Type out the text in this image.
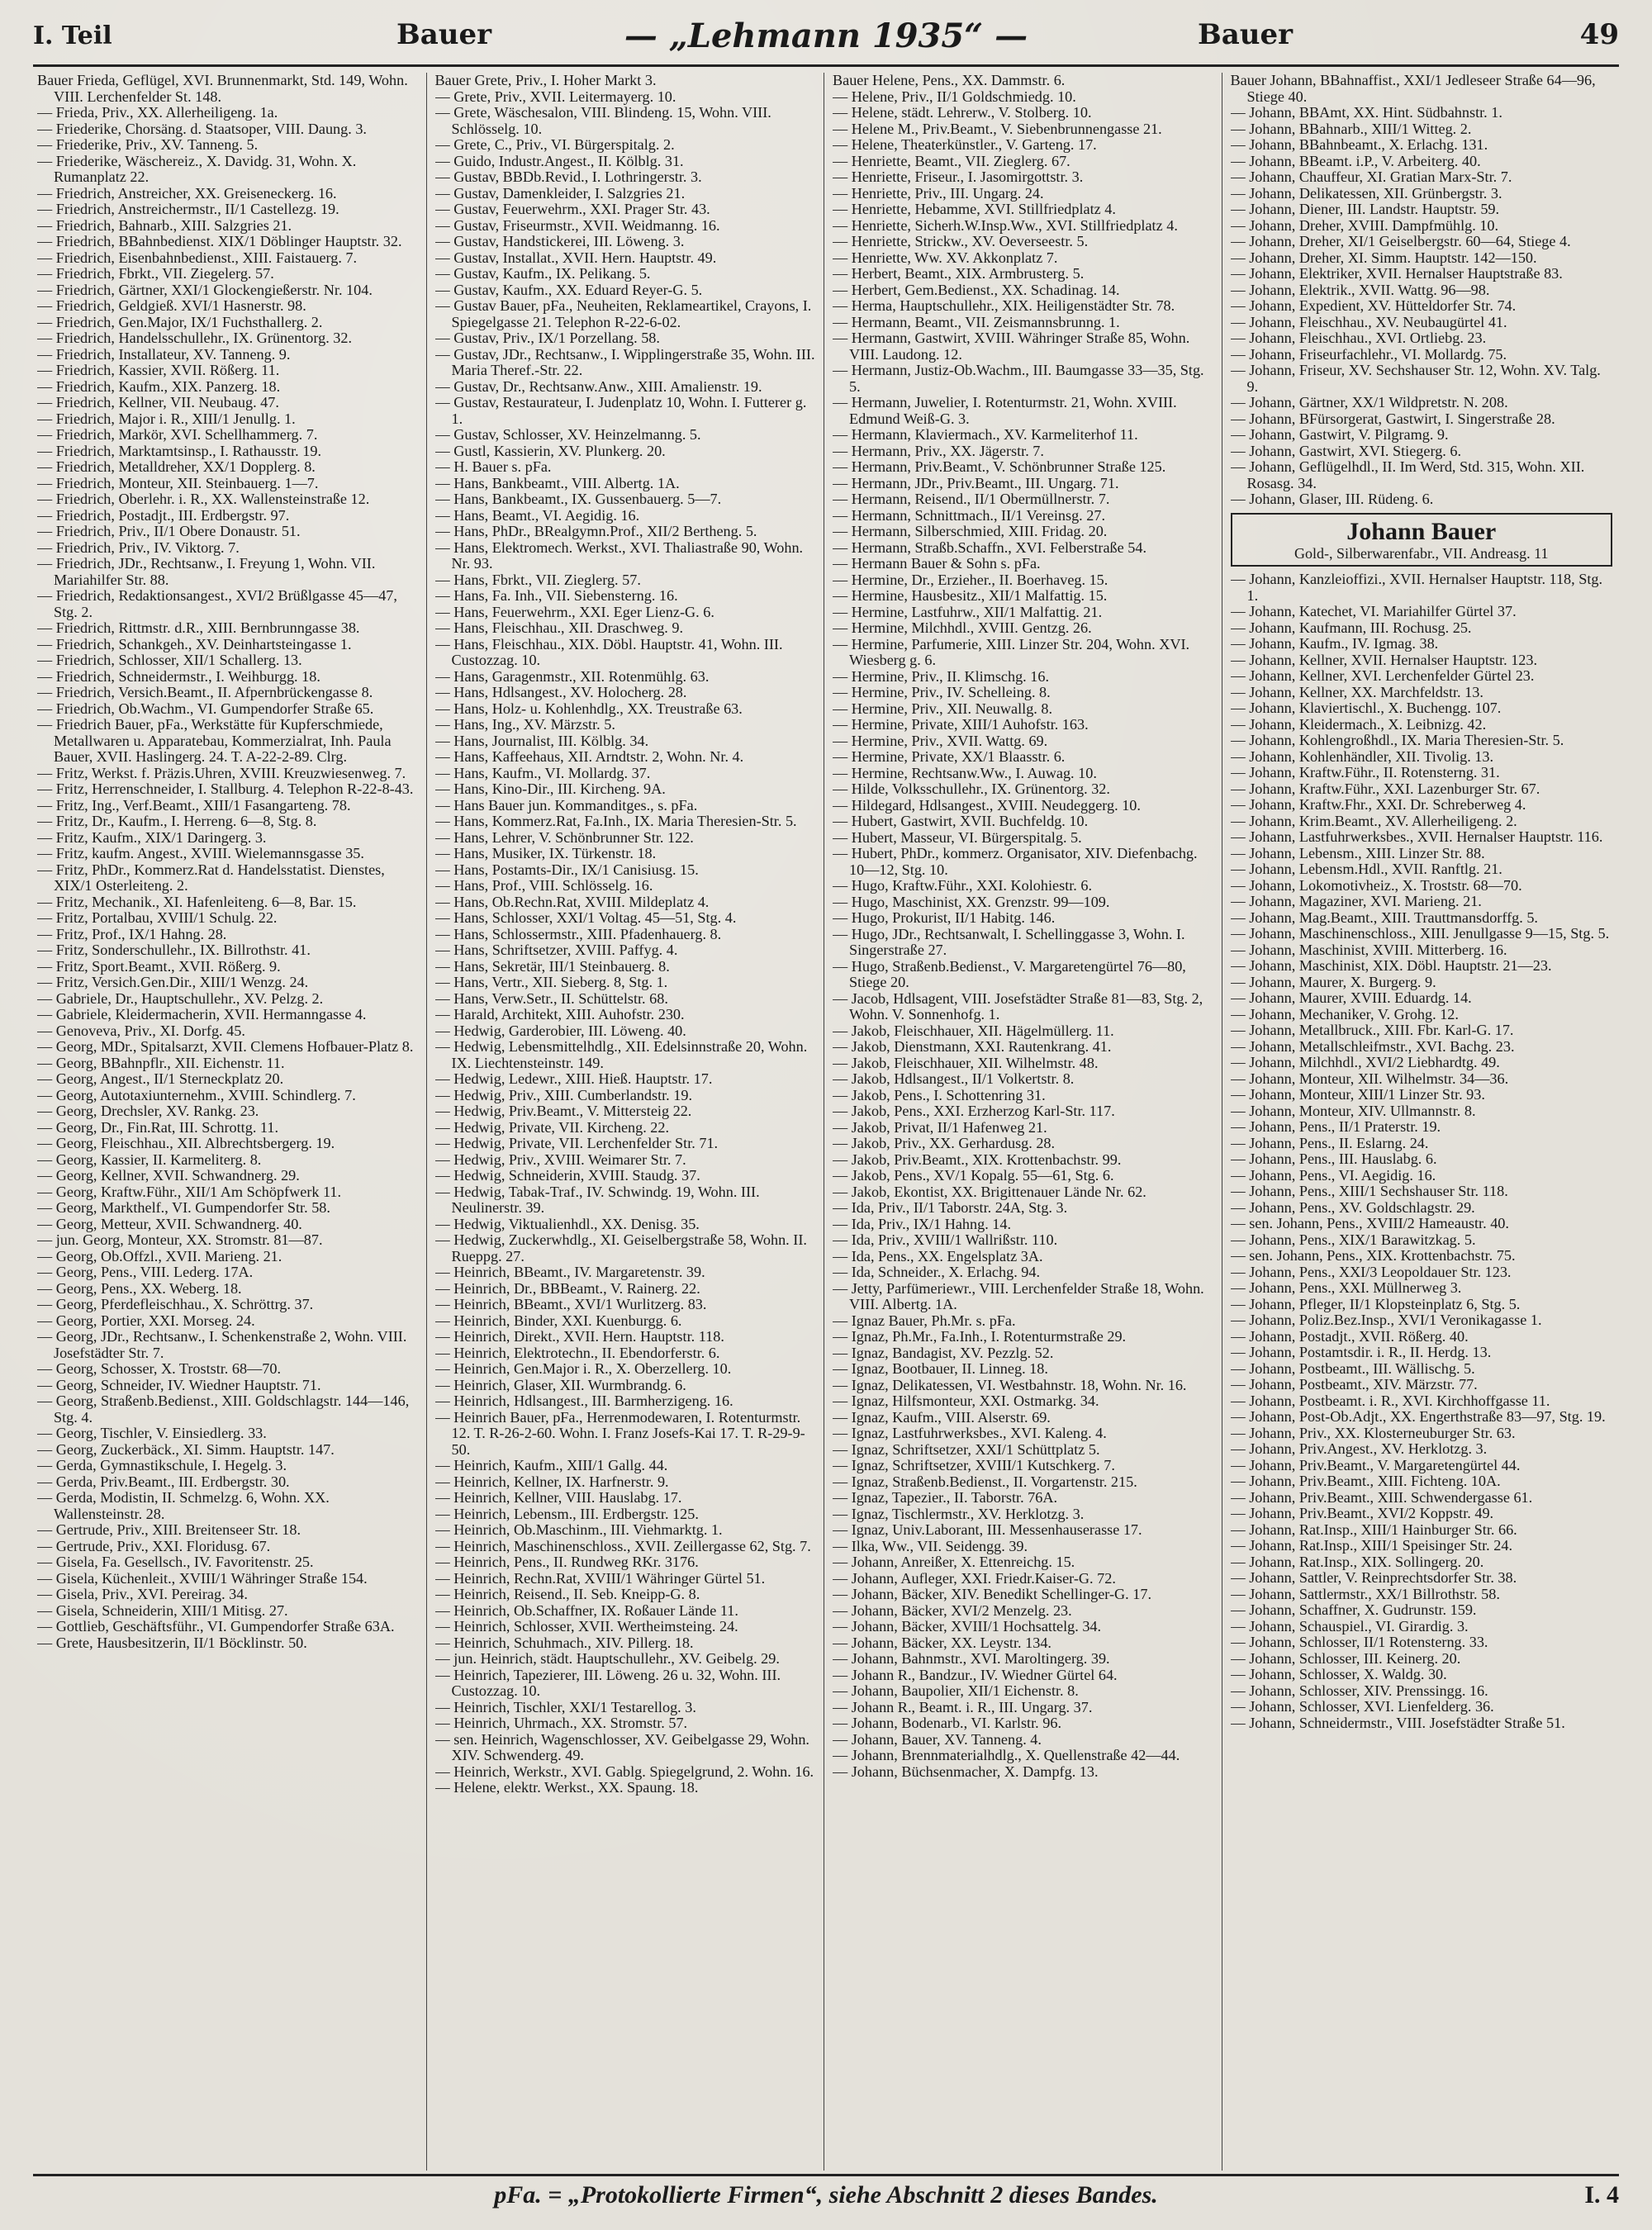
I. Teil	Bauer	— „Lehmann 1935“ —	Bauer	49
Bauer Frieda, Geflügel, XVI. Brunnenmarkt, Std. 149, Wohn. VIII. Lerchenfelder St. 148.
— Frieda, Priv., XX. Allerheiligeng. 1a.
— Friederike, Chorsäng. d. Staatsoper, VIII. Daung. 3.
— Friederike, Priv., XV. Tanneng. 5.
— Friederike, Wäschereiz., X. Davidg. 31, Wohn. X. Rumanplatz 22.
— Friedrich, Anstreicher, XX. Greiseneckerg. 16.
— Friedrich, Anstreichermstr., II/1 Castellezg. 19.
— Friedrich, Bahnarb., XIII. Salzgries 21.
— Friedrich, BBahnbedienst. XIX/1 Döblinger Hauptstr. 32.
— Friedrich, Eisenbahnbedienst., XIII. Faistauerg. 7.
— Friedrich, Fbrkt., VII. Ziegelerg. 57.
— Friedrich, Gärtner, XXI/1 Glockengießerstr. Nr. 104.
— Friedrich, Geldgieß. XVI/1 Hasnerstr. 98.
— Friedrich, Gen.Major, IX/1 Fuchsthallerg. 2.
— Friedrich, Handelsschullehr., IX. Grünentorg. 32.
— Friedrich, Installateur, XV. Tanneng. 9.
— Friedrich, Kassier, XVII. Rößerg. 11.
— Friedrich, Kaufm., XIX. Panzerg. 18.
— Friedrich, Kellner, VII. Neubaug. 47.
— Friedrich, Major i. R., XIII/1 Jenullg. 1.
— Friedrich, Markör, XVI. Schellhammerg. 7.
— Friedrich, Marktamtsinsp., I. Rathausstr. 19.
— Friedrich, Metalldreher, XX/1 Dopplerg. 8.
— Friedrich, Monteur, XII. Steinbauerg. 1—7.
— Friedrich, Oberlehr. i. R., XX. Wallensteinstraße 12.
— Friedrich, Postadjt., III. Erdbergstr. 97.
— Friedrich, Priv., II/1 Obere Donaustr. 51.
— Friedrich, Priv., IV. Viktorg. 7.
— Friedrich, JDr., Rechtsanw., I. Freyung 1, Wohn. VII. Mariahilfer Str. 88.
— Friedrich, Redaktionsangest., XVI/2 Brüßlgasse 45—47, Stg. 2.
— Friedrich, Rittmstr. d.R., XIII. Bernbrunngasse 38.
— Friedrich, Schankgeh., XV. Deinhartsteingasse 1.
— Friedrich, Schlosser, XII/1 Schallerg. 13.
— Friedrich, Schneidermstr., I. Weihburgg. 18.
— Friedrich, Versich.Beamt., II. Afpernbrückengasse 8.
— Friedrich, Ob.Wachm., VI. Gumpendorfer Straße 65.
— Friedrich Bauer, pFa., Werkstätte für Kupferschmiede, Metallwaren u. Apparatebau, Kommerzialrat, Inh. Paula Bauer, XVII. Haslingerg. 24. T. A-22-2-89. Clrg.
— Fritz, Werkst. f. Präzis.Uhren, XVIII. Kreuzwiesenweg. 7.
— Fritz, Herrenschneider, I. Stallburg. 4. Telephon R-22-8-43.
— Fritz, Ing., Verf.Beamt., XIII/1 Fasangarteng. 78.
— Fritz, Dr., Kaufm., I. Herreng. 6—8, Stg. 8.
— Fritz, Kaufm., XIX/1 Daringerg. 3.
— Fritz, kaufm. Angest., XVIII. Wielemannsgasse 35.
— Fritz, PhDr., Kommerz.Rat d. Handelsstatist. Dienstes, XIX/1 Osterleiteng. 2.
— Fritz, Mechanik., XI. Hafenleiteng. 6—8, Bar. 15.
— Fritz, Portalbau, XVIII/1 Schulg. 22.
— Fritz, Prof., IX/1 Hahng. 28.
— Fritz, Sonderschullehr., IX. Billrothstr. 41.
— Fritz, Sport.Beamt., XVII. Rößerg. 9.
— Fritz, Versich.Gen.Dir., XIII/1 Wenzg. 24.
— Gabriele, Dr., Hauptschullehr., XV. Pelzg. 2.
— Gabriele, Kleidermacherin, XVII. Hermanngasse 4.
— Genoveva, Priv., XI. Dorfg. 45.
— Georg, MDr., Spitalsarzt, XVII. Clemens Hofbauer-Platz 8.
— Georg, BBahnpflr., XII. Eichenstr. 11.
— Georg, Angest., II/1 Sterneckplatz 20.
— Georg, Autotaxiunternehm., XVIII. Schindlerg. 7.
— Georg, Drechsler, XV. Rankg. 23.
— Georg, Dr., Fin.Rat, III. Schrottg. 11.
— Georg, Fleischhau., XII. Albrechtsbergerg. 19.
— Georg, Kassier, II. Karmeliterg. 8.
— Georg, Kellner, XVII. Schwandnerg. 29.
— Georg, Kraftw.Führ., XII/1 Am Schöpfwerk 11.
— Georg, Markthelf., VI. Gumpendorfer Str. 58.
— Georg, Metteur, XVII. Schwandnerg. 40.
— jun. Georg, Monteur, XX. Stromstr. 81—87.
— Georg, Ob.Offzl., XVII. Marieng. 21.
— Georg, Pens., VIII. Lederg. 17A.
— Georg, Pens., XX. Weberg. 18.
— Georg, Pferdefleischhau., X. Schröttrg. 37.
— Georg, Portier, XXI. Morseg. 24.
— Georg, JDr., Rechtsanw., I. Schenkenstraße 2, Wohn. VIII. Josefstädter Str. 7.
— Georg, Schosser, X. Troststr. 68—70.
— Georg, Schneider, IV. Wiedner Hauptstr. 71.
— Georg, Straßenb.Bedienst., XIII. Goldschlagstr. 144—146, Stg. 4.
— Georg, Tischler, V. Einsiedlerg. 33.
— Georg, Zuckerbäck., XI. Simm. Hauptstr. 147.
— Gerda, Gymnastikschule, I. Hegelg. 3.
— Gerda, Priv.Beamt., III. Erdbergstr. 30.
— Gerda, Modistin, II. Schmelzg. 6, Wohn. XX. Wallensteinstr. 28.
— Gertrude, Priv., XIII. Breitenseer Str. 18.
— Gertrude, Priv., XXI. Floridusg. 67.
— Gisela, Fa. Gesellsch., IV. Favoritenstr. 25.
— Gisela, Küchenleit., XVIII/1 Währinger Straße 154.
— Gisela, Priv., XVI. Pereirag. 34.
— Gisela, Schneiderin, XIII/1 Mitisg. 27.
— Gottlieb, Geschäftsführ., VI. Gumpendorfer Straße 63A.
— Grete, Hausbesitzerin, II/1 Böcklinstr. 50.
Bauer Grete, Priv., I. Hoher Markt 3.
— Grete, Priv., XVII. Leitermayerg. 10.
— Grete, Wäschesalon, VIII. Blindeng. 15, Wohn. VIII. Schlösselg. 10.
— Grete, C., Priv., VI. Bürgerspitalg. 2.
— Guido, Industr.Angest., II. Kölblg. 31.
— Gustav, BBDb.Revid., I. Lothringerstr. 3.
— Gustav, Damenkleider, I. Salzgries 21.
— Gustav, Feuerwehrm., XXI. Prager Str. 43.
— Gustav, Friseurmstr., XVII. Weidmanng. 16.
— Gustav, Handstickerei, III. Löweng. 3.
— Gustav, Installat., XVII. Hern. Hauptstr. 49.
— Gustav, Kaufm., IX. Pelikang. 5.
— Gustav, Kaufm., XX. Eduard Reyer-G. 5.
— Gustav Bauer, pFa., Neuheiten, Reklameartikel, Crayons, I. Spiegelgasse 21. Telephon R-22-6-02.
— Gustav, Priv., IX/1 Porzellang. 58.
— Gustav, JDr., Rechtsanw., I. Wipplingerstraße 35, Wohn. III. Maria Theref.-Str. 22.
— Gustav, Dr., Rechtsanw.Anw., XIII. Amalienstr. 19.
— Gustav, Restaurateur, I. Judenplatz 10, Wohn. I. Futterer g. 1.
— Gustav, Schlosser, XV. Heinzelmanng. 5.
— Gustl, Kassierin, XV. Plunkerg. 20.
— H. Bauer s. pFa.
— Hans, Bankbeamt., VIII. Albertg. 1A.
— Hans, Bankbeamt., IX. Gussenbauerg. 5—7.
— Hans, Beamt., VI. Aegidig. 16.
— Hans, PhDr., BRealgymn.Prof., XII/2 Bertheng. 5.
— Hans, Elektromech. Werkst., XVI. Thaliastraße 90, Wohn. Nr. 93.
— Hans, Fbrkt., VII. Zieglerg. 57.
— Hans, Fa. Inh., VII. Siebensterng. 16.
— Hans, Feuerwehrm., XXI. Eger Lienz-G. 6.
— Hans, Fleischhau., XII. Draschweg. 9.
— Hans, Fleischhau., XIX. Döbl. Hauptstr. 41, Wohn. III. Custozzag. 10.
— Hans, Garagenmstr., XII. Rotenmühlg. 63.
— Hans, Hdlsangest., XV. Holocherg. 28.
— Hans, Holz- u. Kohlenhdlg., XX. Treustraße 63.
— Hans, Ing., XV. Märzstr. 5.
— Hans, Journalist, III. Kölblg. 34.
— Hans, Kaffeehaus, XII. Arndtstr. 2, Wohn. Nr. 4.
— Hans, Kaufm., VI. Mollardg. 37.
— Hans, Kino-Dir., III. Kircheng. 9A.
— Hans Bauer jun. Kommanditges., s. pFa.
— Hans, Kommerz.Rat, Fa.Inh., IX. Maria Theresien-Str. 5.
— Hans, Lehrer, V. Schönbrunner Str. 122.
— Hans, Musiker, IX. Türkenstr. 18.
— Hans, Postamts-Dir., IX/1 Canisiusg. 15.
— Hans, Prof., VIII. Schlösselg. 16.
— Hans, Ob.Rechn.Rat, XVIII. Mildeplatz 4.
— Hans, Schlosser, XXI/1 Voltag. 45—51, Stg. 4.
— Hans, Schlossermstr., XIII. Pfadenhauerg. 8.
— Hans, Schriftsetzer, XVIII. Paffyg. 4.
— Hans, Sekretär, III/1 Steinbauerg. 8.
— Hans, Vertr., XII. Sieberg. 8, Stg. 1.
— Hans, Verw.Setr., II. Schüttelstr. 68.
— Harald, Architekt, XIII. Auhofstr. 230.
— Hedwig, Garderobier, III. Löweng. 40.
— Hedwig, Lebensmittelhdlg., XII. Edelsinnstraße 20, Wohn. IX. Liechtensteinstr. 149.
— Hedwig, Ledewr., XIII. Hieß. Hauptstr. 17.
— Hedwig, Priv., XIII. Cumberlandstr. 19.
— Hedwig, Priv.Beamt., V. Mittersteig 22.
— Hedwig, Private, VII. Kircheng. 22.
— Hedwig, Private, VII. Lerchenfelder Str. 71.
— Hedwig, Priv., XVIII. Weimarer Str. 7.
— Hedwig, Schneiderin, XVIII. Staudg. 37.
— Hedwig, Tabak-Traf., IV. Schwindg. 19, Wohn. III. Neulinerstr. 39.
— Hedwig, Viktualienhdl., XX. Denisg. 35.
— Hedwig, Zuckerwhdlg., XI. Geiselbergstraße 58, Wohn. II. Rueppg. 27.
— Heinrich, BBeamt., IV. Margaretenstr. 39.
— Heinrich, Dr., BBBeamt., V. Rainerg. 22.
— Heinrich, BBeamt., XVI/1 Wurlitzerg. 83.
— Heinrich, Binder, XXI. Kuenburgg. 6.
— Heinrich, Direkt., XVII. Hern. Hauptstr. 118.
— Heinrich, Elektrotechn., II. Ebendorferstr. 6.
— Heinrich, Gen.Major i. R., X. Oberzellerg. 10.
— Heinrich, Glaser, XII. Wurmbrandg. 6.
— Heinrich, Hdlsangest., III. Barmherzigeng. 16.
— Heinrich Bauer, pFa., Herrenmodewaren, I. Rotenturmstr. 12. T. R-26-2-60. Wohn. I. Franz Josefs-Kai 17. T. R-29-9-50.
— Heinrich, Kaufm., XIII/1 Gallg. 44.
— Heinrich, Kellner, IX. Harfnerstr. 9.
— Heinrich, Kellner, VIII. Hauslabg. 17.
— Heinrich, Lebensm., III. Erdbergstr. 125.
— Heinrich, Ob.Maschinm., III. Viehmarktg. 1.
— Heinrich, Maschinenschloss., XVII. Zeillergasse 62, Stg. 7.
— Heinrich, Pens., II. Rundweg RKr. 3176.
— Heinrich, Rechn.Rat, XVIII/1 Währinger Gürtel 51.
— Heinrich, Reisend., II. Seb. Kneipp-G. 8.
— Heinrich, Ob.Schaffner, IX. Roßauer Lände 11.
— Heinrich, Schlosser, XVII. Wertheimsteing. 24.
— Heinrich, Schuhmach., XIV. Pillerg. 18.
— jun. Heinrich, städt. Hauptschullehr., XV. Geibelg. 29.
— Heinrich, Tapezierer, III. Löweng. 26 u. 32, Wohn. III. Custozzag. 10.
— Heinrich, Tischler, XXI/1 Testarellog. 3.
— Heinrich, Uhrmach., XX. Stromstr. 57.
— sen. Heinrich, Wagenschlosser, XV. Geibelgasse 29, Wohn. XIV. Schwenderg. 49.
— Heinrich, Werkstr., XVI. Gablg. Spiegelgrund, 2. Wohn. 16.
— Helene, elektr. Werkst., XX. Spaung. 18.
Bauer Helene, Pens., XX. Dammstr. 6.
— Helene, Priv., II/1 Goldschmiedg. 10.
— Helene, städt. Lehrerw., V. Stolberg. 10.
— Helene M., Priv.Beamt., V. Siebenbrunnengasse 21.
— Helene, Theaterkünstler., V. Garteng. 17.
— Henriette, Beamt., VII. Zieglerg. 67.
— Henriette, Friseur., I. Jasomirgottstr. 3.
— Henriette, Priv., III. Ungarg. 24.
— Henriette, Hebamme, XVI. Stillfriedplatz 4.
— Henriette, Sicherh.W.Insp.Ww., XVI. Stillfriedplatz 4.
— Henriette, Strickw., XV. Oeverseestr. 5.
— Henriette, Ww. XV. Akkonplatz 7.
— Herbert, Beamt., XIX. Armbrusterg. 5.
— Herbert, Gem.Bedienst., XX. Schadinag. 14.
— Herma, Hauptschullehr., XIX. Heiligenstädter Str. 78.
— Hermann, Beamt., VII. Zeismannsbrunng. 1.
— Hermann, Gastwirt, XVIII. Währinger Straße 85, Wohn. VIII. Laudong. 12.
— Hermann, Justiz-Ob.Wachm., III. Baumgasse 33—35, Stg. 5.
— Hermann, Juwelier, I. Rotenturmstr. 21, Wohn. XVIII. Edmund Weiß-G. 3.
— Hermann, Klaviermach., XV. Karmeliterhof 11.
— Hermann, Priv., XX. Jägerstr. 7.
— Hermann, Priv.Beamt., V. Schönbrunner Straße 125.
— Hermann, JDr., Priv.Beamt., III. Ungarg. 71.
— Hermann, Reisend., II/1 Obermüllnerstr. 7.
— Hermann, Schnittmach., II/1 Vereinsg. 27.
— Hermann, Silberschmied, XIII. Fridag. 20.
— Hermann, Straßb.Schaffn., XVI. Felberstraße 54.
— Hermann Bauer & Sohn s. pFa.
— Hermine, Dr., Erzieher., II. Boerhaveg. 15.
— Hermine, Hausbesitz., XII/1 Malfattig. 15.
— Hermine, Lastfuhrw., XII/1 Malfattig. 21.
— Hermine, Milchhdl., XVIII. Gentzg. 26.
— Hermine, Parfumerie, XIII. Linzer Str. 204, Wohn. XVI. Wiesberg g. 6.
— Hermine, Priv., II. Klimschg. 16.
— Hermine, Priv., IV. Schelleing. 8.
— Hermine, Priv., XII. Neuwallg. 8.
— Hermine, Private, XIII/1 Auhofstr. 163.
— Hermine, Priv., XVII. Wattg. 69.
— Hermine, Private, XX/1 Blaasstr. 6.
— Hermine, Rechtsanw.Ww., I. Auwag. 10.
— Hilde, Volksschullehr., IX. Grünentorg. 32.
— Hildegard, Hdlsangest., XVIII. Neudeggerg. 10.
— Hubert, Gastwirt, XVII. Buchfeldg. 10.
— Hubert, Masseur, VI. Bürgerspitalg. 5.
— Hubert, PhDr., kommerz. Organisator, XIV. Diefenbachg. 10—12, Stg. 10.
— Hugo, Kraftw.Führ., XXI. Kolohiestr. 6.
— Hugo, Maschinist, XX. Grenzstr. 99—109.
— Hugo, Prokurist, II/1 Habitg. 146.
— Hugo, JDr., Rechtsanwalt, I. Schellinggasse 3, Wohn. I. Singerstraße 27.
— Hugo, Straßenb.Bedienst., V. Margaretengürtel 76—80, Stiege 20.
— Jacob, Hdlsagent, VIII. Josefstädter Straße 81—83, Stg. 2, Wohn. V. Sonnenhofg. 1.
— Jakob, Fleischhauer, XII. Hägelmüllerg. 11.
— Jakob, Dienstmann, XXI. Rautenkrang. 41.
— Jakob, Fleischhauer, XII. Wilhelmstr. 48.
— Jakob, Hdlsangest., II/1 Volkertstr. 8.
— Jakob, Pens., I. Schottenring 31.
— Jakob, Pens., XXI. Erzherzog Karl-Str. 117.
— Jakob, Privat, II/1 Hafenweg 21.
— Jakob, Priv., XX. Gerhardusg. 28.
— Jakob, Priv.Beamt., XIX. Krottenbachstr. 99.
— Jakob, Pens., XV/1 Kopalg. 55—61, Stg. 6.
— Jakob, Ekontist, XX. Brigittenauer Lände Nr. 62.
— Ida, Priv., II/1 Taborstr. 24A, Stg. 3.
— Ida, Priv., IX/1 Hahng. 14.
— Ida, Priv., XVIII/1 Wallrißstr. 110.
— Ida, Pens., XX. Engelsplatz 3A.
— Ida, Schneider., X. Erlachg. 94.
— Jetty, Parfümeriewr., VIII. Lerchenfelder Straße 18, Wohn. VIII. Albertg. 1A.
— Ignaz Bauer, Ph.Mr. s. pFa.
— Ignaz, Ph.Mr., Fa.Inh., I. Rotenturmstraße 29.
— Ignaz, Bandagist, XV. Pezzlg. 52.
— Ignaz, Bootbauer, II. Linneg. 18.
— Ignaz, Delikatessen, VI. Westbahnstr. 18, Wohn. Nr. 16.
— Ignaz, Hilfsmonteur, XXI. Ostmarkg. 34.
— Ignaz, Kaufm., VIII. Alserstr. 69.
— Ignaz, Lastfuhrwerksbes., XVI. Kaleng. 4.
— Ignaz, Schriftsetzer, XXI/1 Schüttplatz 5.
— Ignaz, Schriftsetzer, XVIII/1 Kutschkerg. 7.
— Ignaz, Straßenb.Bedienst., II. Vorgartenstr. 215.
— Ignaz, Tapezier., II. Taborstr. 76A.
— Ignaz, Tischlermstr., XV. Herklotzg. 3.
— Ignaz, Univ.Laborant, III. Messenhauserasse 17.
— Ilka, Ww., VII. Seidengg. 39.
— Johann, Anreißer, X. Ettenreichg. 15.
— Johann, Aufleger, XXI. Friedr.Kaiser-G. 72.
— Johann, Bäcker, XIV. Benedikt Schellinger-G. 17.
— Johann, Bäcker, XVI/2 Menzelg. 23.
— Johann, Bäcker, XVIII/1 Hochsattelg. 34.
— Johann, Bäcker, XX. Leystr. 134.
— Johann, Bahnmstr., XVI. Maroltingerg. 39.
— Johann R., Bandzur., IV. Wiedner Gürtel 64.
— Johann, Baupolier, XII/1 Eichenstr. 8.
— Johann R., Beamt. i. R., III. Ungarg. 37.
— Johann, Bodenarb., VI. Karlstr. 96.
— Johann, Bauer, XV. Tanneng. 4.
— Johann, Brennmaterialhdlg., X. Quellenstraße 42—44.
— Johann, Büchsenmacher, X. Dampfg. 13.
Bauer Johann, BBahnaffist., XXI/1 Jedleseer Straße 64—96, Stiege 40.
— Johann, BBAmt, XX. Hint. Südbahnstr. 1.
— Johann, BBahnarb., XIII/1 Witteg. 2.
— Johann, BBahnbeamt., X. Erlachg. 131.
— Johann, BBeamt. i.P., V. Arbeiterg. 40.
— Johann, Chauffeur, XI. Gratian Marx-Str. 7.
— Johann, Delikatessen, XII. Grünbergstr. 3.
— Johann, Diener, III. Landstr. Hauptstr. 59.
— Johann, Dreher, XVIII. Dampfmühlg. 10.
— Johann, Dreher, XI/1 Geiselbergstr. 60—64, Stiege 4.
— Johann, Dreher, XI. Simm. Hauptstr. 142—150.
— Johann, Elektriker, XVII. Hernalser Hauptstraße 83.
— Johann, Elektrik., XVII. Wattg. 96—98.
— Johann, Expedient, XV. Hütteldorfer Str. 74.
— Johann, Fleischhau., XV. Neubaugürtel 41.
— Johann, Fleischhau., XVI. Ortliebg. 23.
— Johann, Friseurfachlehr., VI. Mollardg. 75.
— Johann, Friseur, XV. Sechshauser Str. 12, Wohn. XV. Talg. 9.
— Johann, Gärtner, XX/1 Wildpretstr. N. 208.
— Johann, BFürsorgerat, Gastwirt, I. Singerstraße 28.
— Johann, Gastwirt, V. Pilgramg. 9.
— Johann, Gastwirt, XVI. Stiegerg. 6.
— Johann, Geflügelhdl., II. Im Werd, Std. 315, Wohn. XII. Rosasg. 34.
— Johann, Glaser, III. Rüdeng. 6.
Johann Bauer
Gold-, Silberwarenfabr., VII. Andreasg. 11
— Johann, Kanzleioffizi., XVII. Hernalser Hauptstr. 118, Stg. 1.
— Johann, Katechet, VI. Mariahilfer Gürtel 37.
— Johann, Kaufmann, III. Rochusg. 25.
— Johann, Kaufm., IV. Igmag. 38.
— Johann, Kellner, XVII. Hernalser Hauptstr. 123.
— Johann, Kellner, XVI. Lerchenfelder Gürtel 23.
— Johann, Kellner, XX. Marchfeldstr. 13.
— Johann, Klaviertischl., X. Buchengg. 107.
— Johann, Kleidermach., X. Leibnizg. 42.
— Johann, Kohlengroßhdl., IX. Maria Theresien-Str. 5.
— Johann, Kohlenhändler, XII. Tivolig. 13.
— Johann, Kraftw.Führ., II. Rotensterng. 31.
— Johann, Kraftw.Führ., XXI. Lazenburger Str. 67.
— Johann, Kraftw.Fhr., XXI. Dr. Schreberweg 4.
— Johann, Krim.Beamt., XV. Allerheiligeng. 2.
— Johann, Lastfuhrwerksbes., XVII. Hernalser Hauptstr. 116.
— Johann, Lebensm., XIII. Linzer Str. 88.
— Johann, Lebensm.Hdl., XVII. Ranftlg. 21.
— Johann, Lokomotivheiz., X. Troststr. 68—70.
— Johann, Magaziner, XVI. Marieng. 21.
— Johann, Mag.Beamt., XIII. Trauttmansdorffg. 5.
— Johann, Maschinenschloss., XIII. Jenullgasse 9—15, Stg. 5.
— Johann, Maschinist, XVIII. Mitterberg. 16.
— Johann, Maschinist, XIX. Döbl. Hauptstr. 21—23.
— Johann, Maurer, X. Burgerg. 9.
— Johann, Maurer, XVIII. Eduardg. 14.
— Johann, Mechaniker, V. Grohg. 12.
— Johann, Metallbruck., XIII. Fbr. Karl-G. 17.
— Johann, Metallschleifmstr., XVI. Bachg. 23.
— Johann, Milchhdl., XVI/2 Liebhardtg. 49.
— Johann, Monteur, XII. Wilhelmstr. 34—36.
— Johann, Monteur, XIII/1 Linzer Str. 93.
— Johann, Monteur, XIV. Ullmannstr. 8.
— Johann, Pens., II/1 Praterstr. 19.
— Johann, Pens., II. Eslarng. 24.
— Johann, Pens., III. Hauslabg. 6.
— Johann, Pens., VI. Aegidig. 16.
— Johann, Pens., XIII/1 Sechshauser Str. 118.
— Johann, Pens., XV. Goldschlagstr. 29.
— sen. Johann, Pens., XVIII/2 Hameaustr. 40.
— Johann, Pens., XIX/1 Barawitzkag. 5.
— sen. Johann, Pens., XIX. Krottenbachstr. 75.
— Johann, Pens., XXI/3 Leopoldauer Str. 123.
— Johann, Pens., XXI. Müllnerweg 3.
— Johann, Pfleger, II/1 Klopsteinplatz 6, Stg. 5.
— Johann, Poliz.Bez.Insp., XVI/1 Veronikagasse 1.
— Johann, Postadjt., XVII. Rößerg. 40.
— Johann, Postamtsdir. i. R., II. Herdg. 13.
— Johann, Postbeamt., III. Wällischg. 5.
— Johann, Postbeamt., XIV. Märzstr. 77.
— Johann, Postbeamt. i. R., XVI. Kirchhoffgasse 11.
— Johann, Post-Ob.Adjt., XX. Engerthstraße 83—97, Stg. 19.
— Johann, Priv., XX. Klosterneuburger Str. 63.
— Johann, Priv.Angest., XV. Herklotzg. 3.
— Johann, Priv.Beamt., V. Margaretengürtel 44.
— Johann, Priv.Beamt., XIII. Fichteng. 10A.
— Johann, Priv.Beamt., XIII. Schwendergasse 61.
— Johann, Priv.Beamt., XVI/2 Koppstr. 49.
— Johann, Rat.Insp., XIII/1 Hainburger Str. 66.
— Johann, Rat.Insp., XIII/1 Speisinger Str. 24.
— Johann, Rat.Insp., XIX. Sollingerg. 20.
— Johann, Sattler, V. Reinprechtsdorfer Str. 38.
— Johann, Sattlermstr., XX/1 Billrothstr. 58.
— Johann, Schaffner, X. Gudrunstr. 159.
— Johann, Schauspiel., VI. Girardig. 3.
— Johann, Schlosser, II/1 Rotensterng. 33.
— Johann, Schlosser, III. Keinerg. 20.
— Johann, Schlosser, X. Waldg. 30.
— Johann, Schlosser, XIV. Prenssingg. 16.
— Johann, Schlosser, XVI. Lienfelderg. 36.
— Johann, Schneidermstr., VIII. Josefstädter Straße 51.
pFa. = „Protokollierte Firmen“, siehe Abschnitt 2 dieses Bandes.	I. 4
